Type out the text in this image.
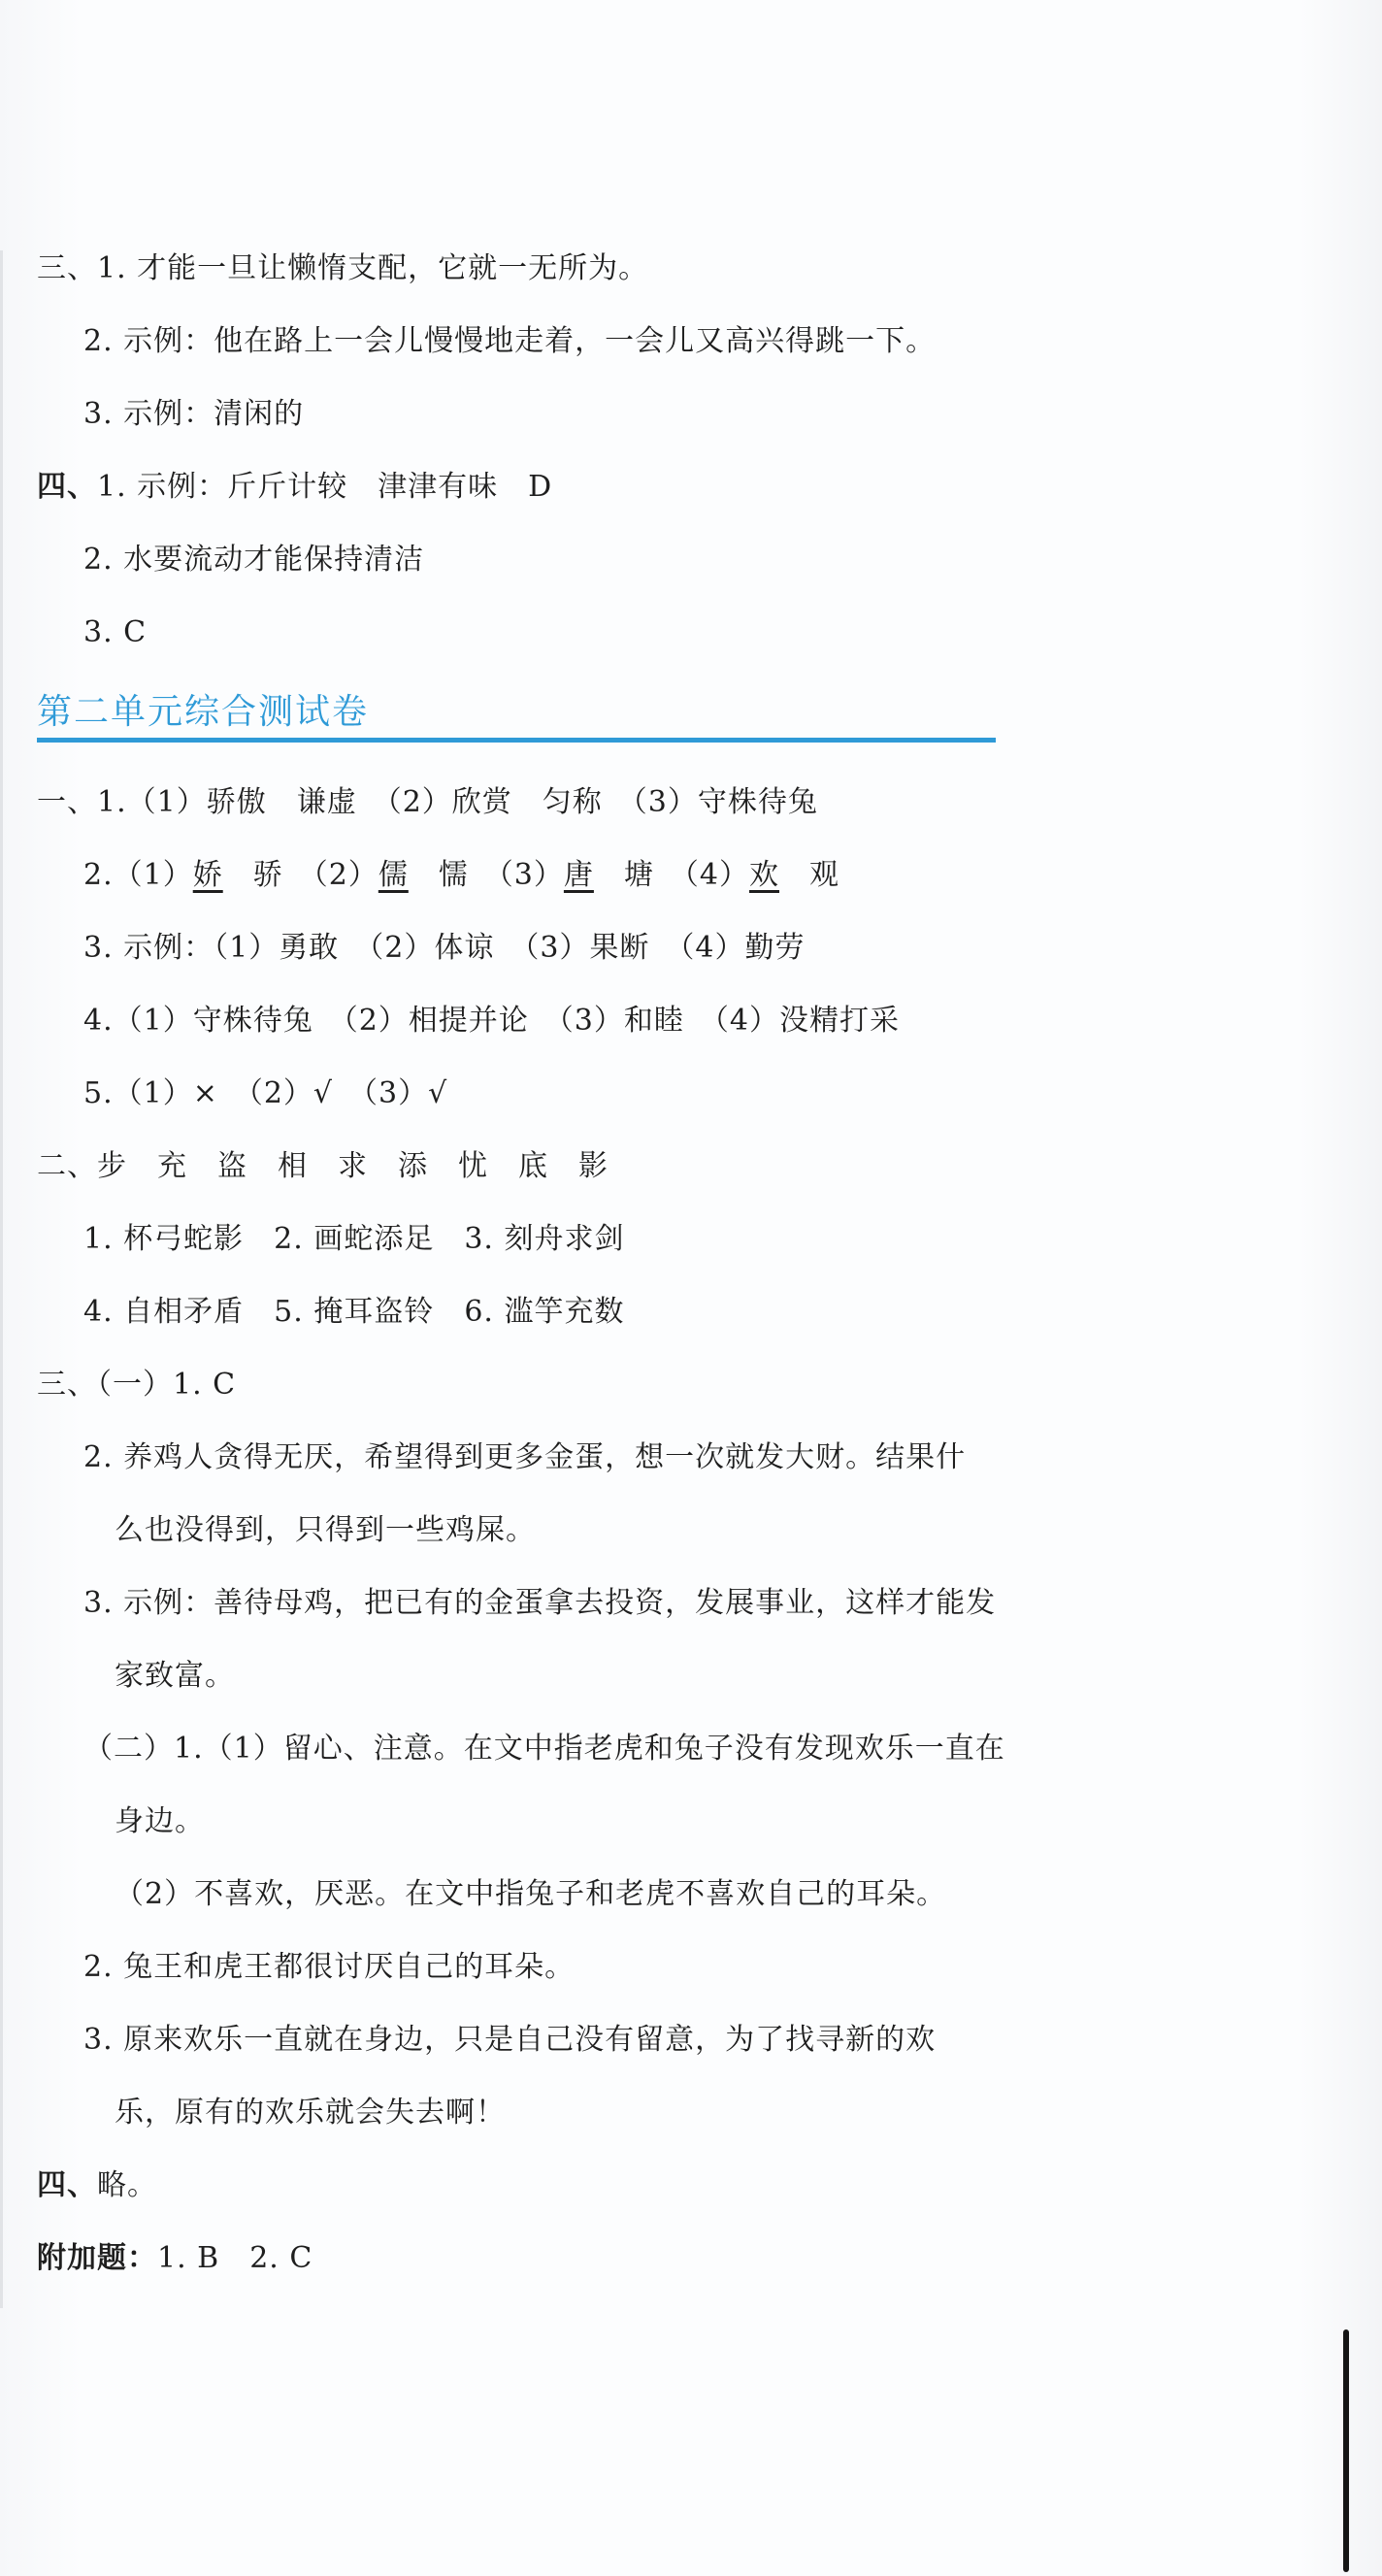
三、1. 才能一旦让懒惰支配，它就一无所为。
2. 示例：他在路上一会儿慢慢地走着，一会儿又高兴得跳一下。
3. 示例：清闲的
四、1. 示例：斤斤计较　津津有味　D
2. 水要流动才能保持清洁
3. C
第二单元综合测试卷
一、1.（1）骄傲　谦虚　（2）欣赏　匀称　（3）守株待兔
2.（1）娇　骄　（2）儒　懦　（3）唐　塘　（4）欢　观
3. 示例：（1）勇敢　（2）体谅　（3）果断　（4）勤劳
4.（1）守株待兔　（2）相提并论　（3）和睦　（4）没精打采
5.（1）×　（2）√　（3）√
二、步　充　盗　相　求　添　忧　底　影
1. 杯弓蛇影　2. 画蛇添足　3. 刻舟求剑
4. 自相矛盾　5. 掩耳盗铃　6. 滥竽充数
三、（一）1. C
2. 养鸡人贪得无厌，希望得到更多金蛋，想一次就发大财。结果什
么也没得到，只得到一些鸡屎。
3. 示例：善待母鸡，把已有的金蛋拿去投资，发展事业，这样才能发
家致富。
（二）1.（1）留心、注意。在文中指老虎和兔子没有发现欢乐一直在
身边。
（2）不喜欢，厌恶。在文中指兔子和老虎不喜欢自己的耳朵。
2. 兔王和虎王都很讨厌自己的耳朵。
3. 原来欢乐一直就在身边，只是自己没有留意，为了找寻新的欢
乐，原有的欢乐就会失去啊！
四、略。
附加题：1. B　2. C
